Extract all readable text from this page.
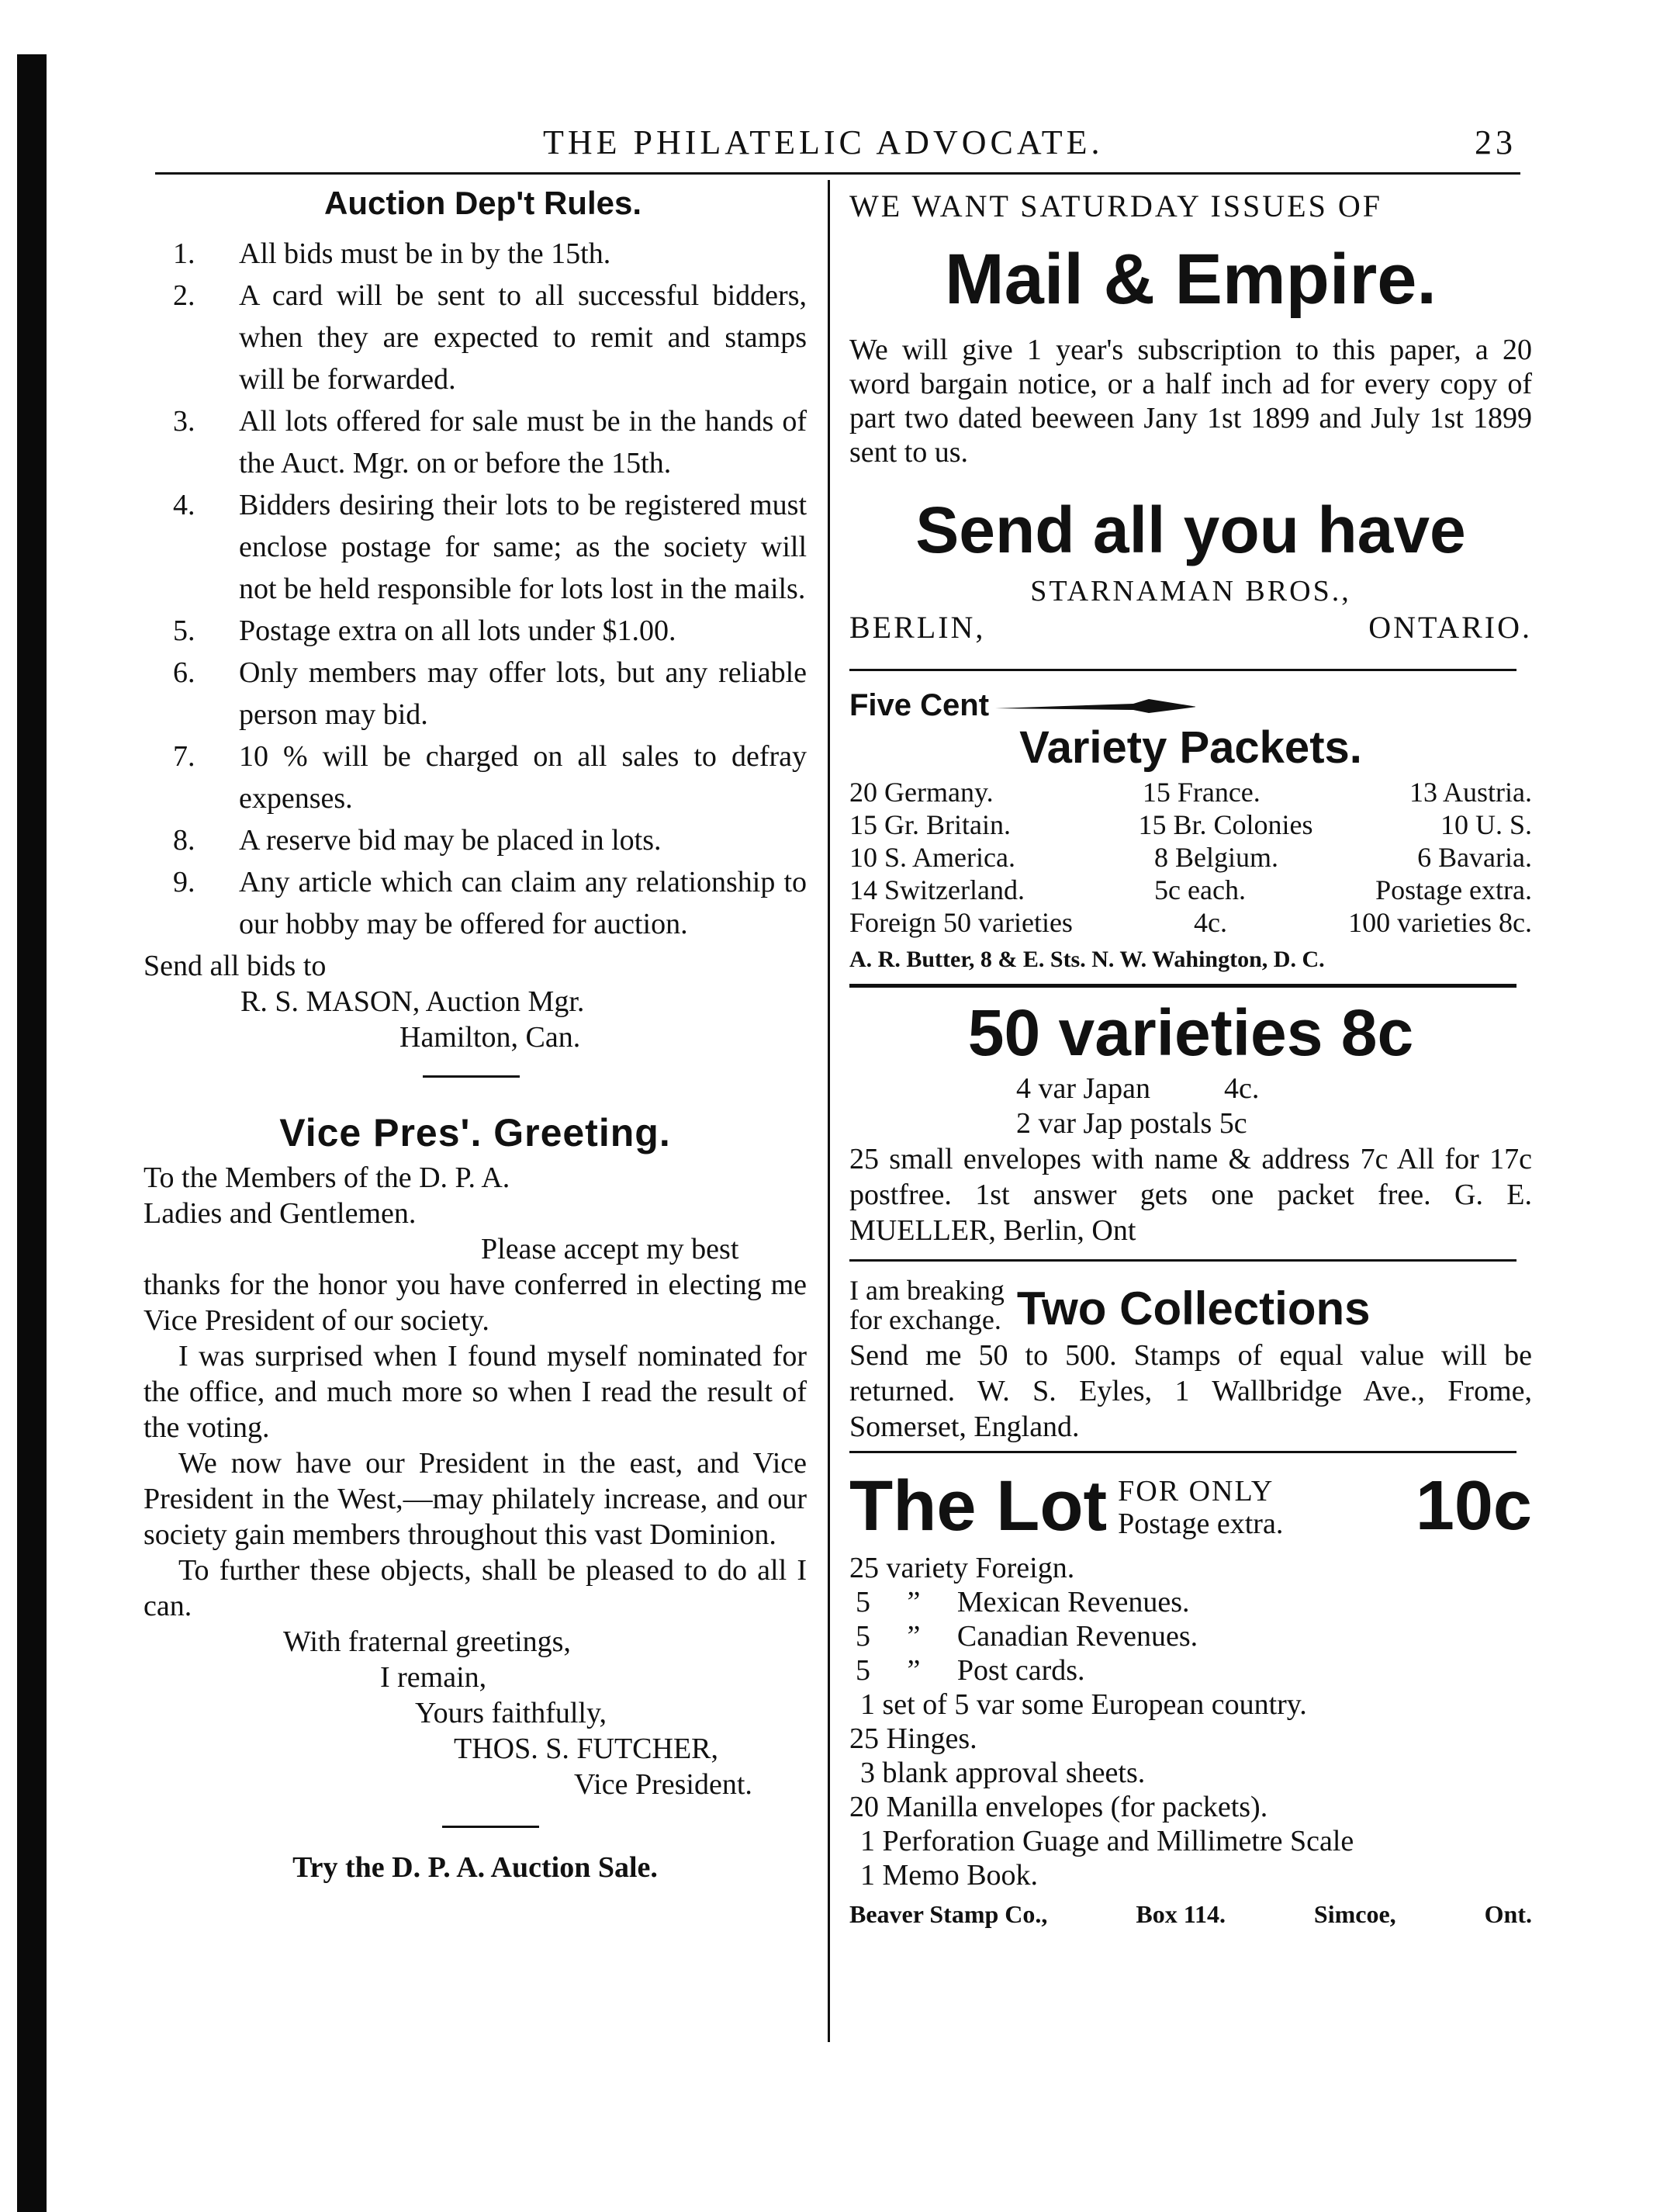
THE PHILATELIC ADVOCATE.	23
Auction Dep't Rules.
1.	All bids must be in by the 15th.
2.	A card will be sent to all successful bidders, when they are expected to remit and stamps will be forwarded.
3.	All lots offered for sale must be in the hands of the Auct. Mgr. on or before the 15th.
4.	Bidders desiring their lots to be registered must enclose postage for same; as the society will not be held responsible for lots lost in the mails.
5.	Postage extra on all lots under $1.00.
6.	Only members may offer lots, but any reliable person may bid.
7.	10 % will be charged on all sales to defray expenses.
8.	A reserve bid may be placed in lots.
9.	Any article which can claim any relationship to our hobby may be offered for auction.

Send all bids to

R. S. MASON, Auction Mgr.

Hamilton, Can.

Vice Pres'. Greeting.

To the Members of the D. P. A.

Ladies and Gentlemen.

Please accept my best

thanks for the honor you have conferred in electing me Vice President of our society.

I was surprised when I found myself nominated for the office, and much more so when I read the result of the voting.

We now have our President in the east, and Vice President in the West,—may philately increase, and our society gain members throughout this vast Dominion.

To further these objects, shall be pleased to do all I can.

With fraternal greetings,

I remain,

Yours faithfully,

THOS. S. FUTCHER,

Vice President.

Try the D. P. A. Auction Sale.

WE WANT SATURDAY ISSUES OF
Mail & Empire.

We will give 1 year's subscription to this paper, a 20 word bargain notice, or a half inch ad for every copy of part two dated beeween Jany 1st 1899 and July 1st 1899 sent to us.

Send all you have

STARNAMAN BROS.,

BERLIN,	ONTARIO.
Five Cent
Variety Packets.
20 Germany.	15 France.	13 Austria.
15 Gr. Britain.	15 Br. Colonies	10 U. S.
10 S. America.	8 Belgium.	6 Bavaria.
14 Switzerland.	5c each.	Postage extra.
Foreign 50 varieties	4c.	100 varieties 8c.
A. R. Butter, 8 & E. Sts. N. W. Wahington, D. C.
50 varieties 8c
4 var Japan	4c.

2 var Jap postals 5c

25 small envelopes with name & address 7c All for 17c postfree. 1st answer gets one packet free. G. E. MUELLER, Berlin, Ont

I am breaking
for exchange. Two Collections

Send me 50 to 500. Stamps of equal value will be returned. W. S. Eyles, 1 Wallbridge Ave., Frome, Somerset, England.

The Lot FOR ONLY
Postage extra. 10c
25 variety Foreign.
5     ”     Mexican Revenues.
5     ”     Canadian Revenues.
5     ”     Post cards.
1 set of 5 var some European country.
25 Hinges.
3 blank approval sheets.
20 Manilla envelopes (for packets).
1 Perforation Guage and Millimetre Scale
1 Memo Book.
Beaver Stamp Co.,	Box 114.	Simcoe,	Ont.
